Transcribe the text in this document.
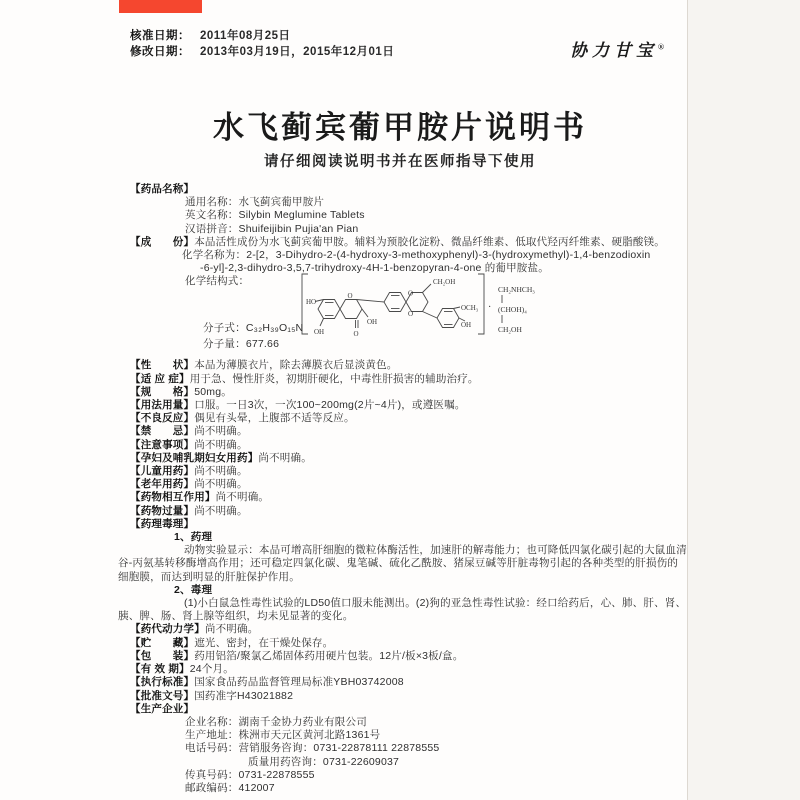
核准日期： 2011年08月25日
修改日期： 2013年03月19日，2015年12月01日	协力甘宝®
水飞蓟宾葡甲胺片说明书
请仔细阅读说明书并在医师指导下使用
【药品名称】
通用名称：水飞蓟宾葡甲胺片
英文名称：Silybin Meglumine Tablets
汉语拼音：Shuifeijibin Pujia'an Pian
【成　　份】本品活性成份为水飞蓟宾葡甲胺。辅料为预胶化淀粉、微晶纤维素、低取代羟丙纤维素、硬脂酸镁。
化学名称为：2-[2，3-Dihydro-2-(4-hydroxy-3-methoxyphenyl)-3-(hydroxymethyl)-1,4-benzodioxin
-6-yl]-2,3-dihydro-3,5,7-trihydroxy-4H-1-benzopyran-4-one 的葡甲胺盐。
化学结构式：
HO
OH
O
O
OH
O
O
CH₂OH
OCH₃
OH
·
CH₂NHCH₃
(CHOH)₄
CH₂OH
分子式：C₃₂H₃₉O₁₅N
分子量：677.66
【性　　状】本品为薄膜衣片，除去薄膜衣后显淡黄色。
【适 应 症】用于急、慢性肝炎，初期肝硬化，中毒性肝损害的辅助治疗。
【规　　格】50mg。
【用法用量】口服。一日3次，一次100~200mg(2片~4片)，或遵医嘱。
【不良反应】偶见有头晕，上腹部不适等反应。
【禁　　忌】尚不明确。
【注意事项】尚不明确。
【孕妇及哺乳期妇女用药】尚不明确。
【儿童用药】尚不明确。
【老年用药】尚不明确。
【药物相互作用】尚不明确。
【药物过量】尚不明确。
【药理毒理】
1、药理
动物实验显示：本品可增高肝细胞的微粒体酶活性，加速肝的解毒能力；也可降低四氯化碳引起的大鼠血清谷-丙氨基转移酶增高作用；还可稳定四氯化碳、鬼笔碱、硫化乙酰胺、猪屎豆碱等肝脏毒物引起的各种类型的肝损伤的细胞膜，而达到明显的肝脏保护作用。
2、毒理
(1)小白鼠急性毒性试验的LD50值口服未能测出。(2)狗的亚急性毒性试验：经口给药后，心、肺、肝、肾、胰、脾、肠、肾上腺等组织，均未见显著的变化。
【药代动力学】尚不明确。
【贮　　藏】遮光、密封，在干燥处保存。
【包　　装】药用铝箔/聚氯乙烯固体药用硬片包装。12片/板×3板/盒。
【有 效 期】24个月。
【执行标准】国家食品药品监督管理局标准YBH03742008
【批准文号】国药准字H43021882
【生产企业】
企业名称：湖南千金协力药业有限公司
生产地址：株洲市天元区黄河北路1361号
电话号码：营销服务咨询：0731-22878111 22878555
质量用药咨询：0731-22609037
传真号码：0731-22878555
邮政编码：412007
